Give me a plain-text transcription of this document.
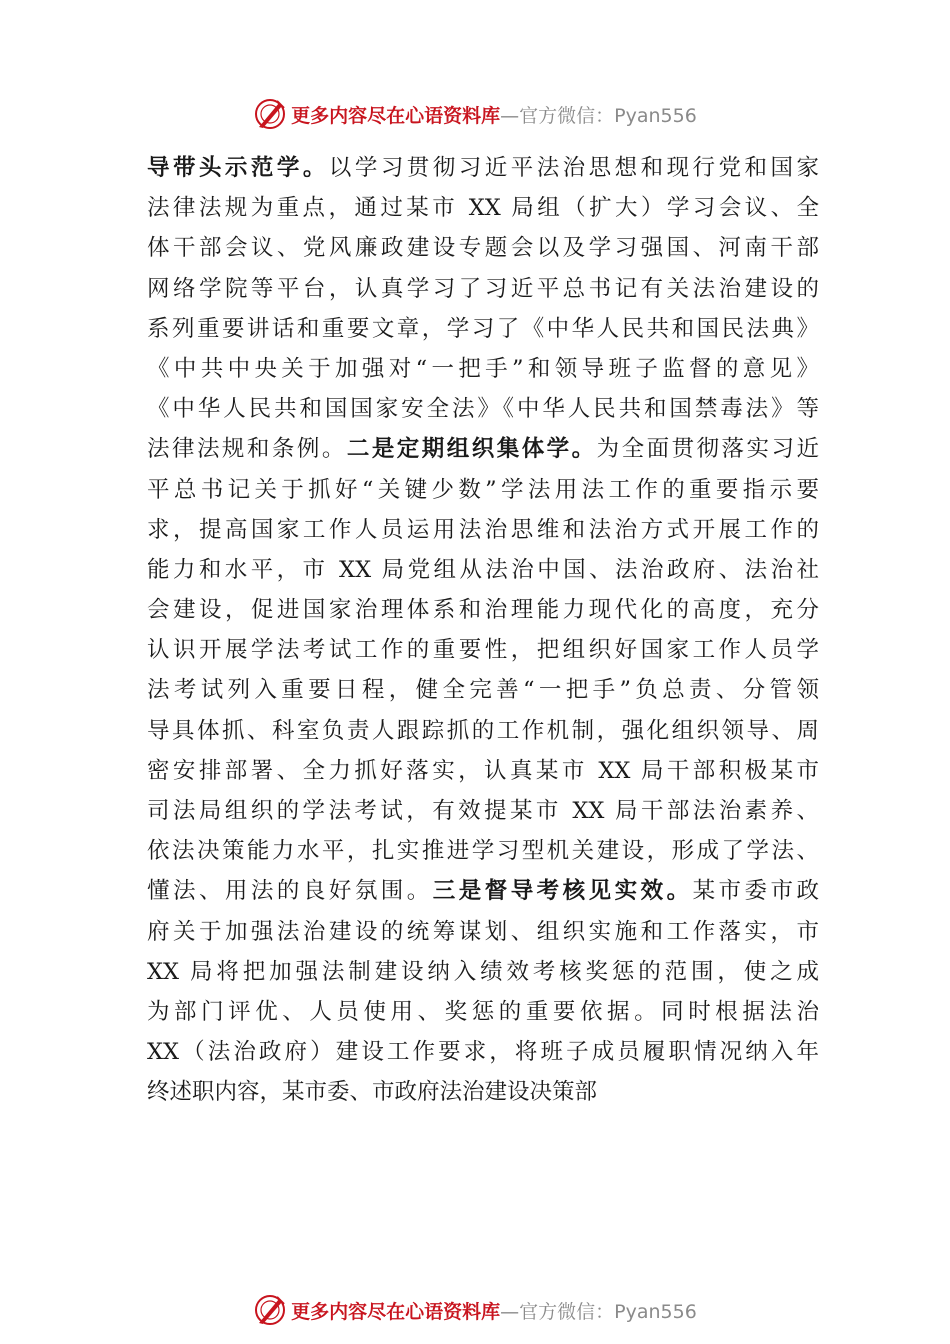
更多内容尽在心语资料库 —官方微信：Pyan556
导带头示范学。以学习贯彻习近平法治思想和现行党和国家
法律法规为重点，通过某市 XX 局组（扩大）学习会议、全
体干部会议、党风廉政建设专题会以及学习强国、河南干部
网络学院等平台，认真学习了习近平总书记有关法治建设的
系列重要讲话和重要文章，学习了《中华人民共和国民法典》
《中共中央关于加强对“一把手”和领导班子监督的意见》
《中华人民共和国国家安全法》《中华人民共和国禁毒法》等
法律法规和条例。二是定期组织集体学。为全面贯彻落实习近
平总书记关于抓好“关键少数”学法用法工作的重要指示要
求，提高国家工作人员运用法治思维和法治方式开展工作的
能力和水平，市 XX 局党组从法治中国、法治政府、法治社
会建设，促进国家治理体系和治理能力现代化的高度，充分
认识开展学法考试工作的重要性，把组织好国家工作人员学
法考试列入重要日程，健全完善“一把手”负总责、分管领
导具体抓、科室负责人跟踪抓的工作机制，强化组织领导、周
密安排部署、全力抓好落实，认真某市 XX 局干部积极某市
司法局组织的学法考试，有效提某市 XX 局干部法治素养、
依法决策能力水平，扎实推进学习型机关建设，形成了学法、
懂法、用法的良好氛围。三是督导考核见实效。某市委市政
府关于加强法治建设的统筹谋划、组织实施和工作落实，市
XX 局将把加强法制建设纳入绩效考核奖惩的范围，使之成
为部门评优、人员使用、奖惩的重要依据。同时根据法治
XX（法治政府）建设工作要求，将班子成员履职情况纳入年
终述职内容，某市委、市政府法治建设决策部
更多内容尽在心语资料库 —官方微信：Pyan556
